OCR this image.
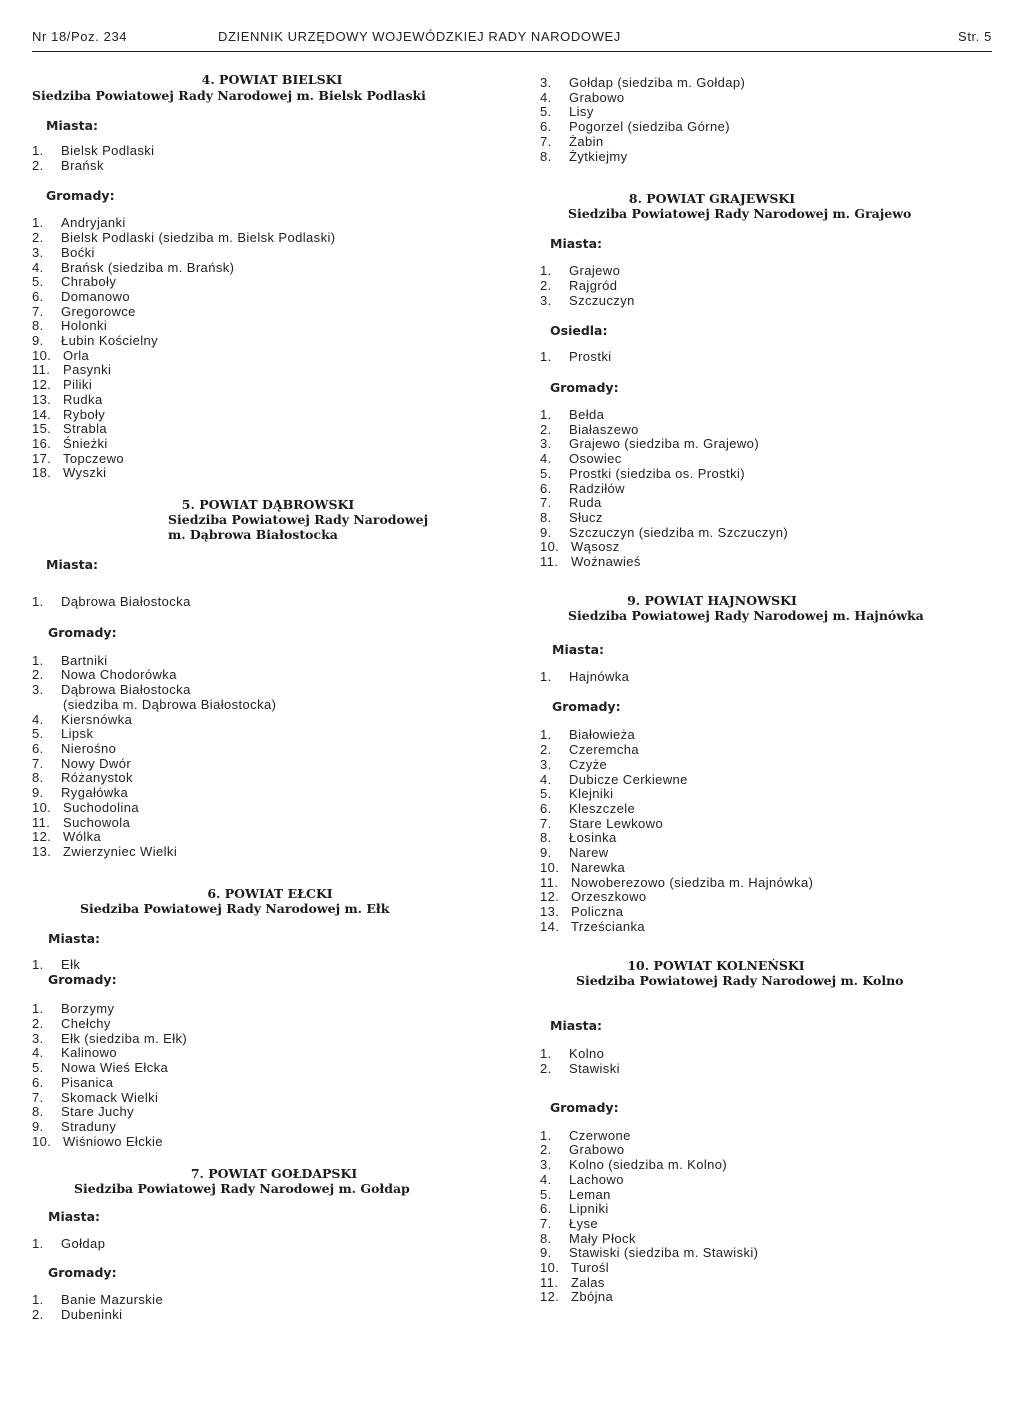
Nr 18/Poz. 234	DZIENNIK URZĘDOWY WOJEWÓDZKIEJ RADY NARODOWEJ	Str. 5
4. POWIAT BIELSKI
Siedziba Powiatowej Rady Narodowej m. Bielsk Podlaski
Miasta:
1. Bielsk Podlaski
2. Brańsk
Gromady:
1. Andryjanki
2. Bielsk Podlaski (siedziba m. Bielsk Podlaski)
3. Boćki
4. Brańsk (siedziba m. Brańsk)
5. Chraboły
6. Domanowo
7. Gregorowce
8. Holonki
9. Łubin Kościelny
10. Orla
11. Pasynki
12. Piliki
13. Rudka
14. Ryboły
15. Strabla
16. Śnieżki
17. Topczewo
18. Wyszki
5. POWIAT DĄBROWSKI
Siedziba Powiatowej Rady Narodowej
m. Dąbrowa Białostocka
Miasta:
1. Dąbrowa Białostocka
Gromady:
1. Bartniki
2. Nowa Chodorówka
3. Dąbrowa Białostocka
(siedziba m. Dąbrowa Białostocka)
4. Kiersnówka
5. Lipsk
6. Nierośno
7. Nowy Dwór
8. Różanystok
9. Rygałówka
10. Suchodolina
11. Suchowola
12. Wólka
13. Zwierzyniec Wielki
6. POWIAT EŁCKI
Siedziba Powiatowej Rady Narodowej m. Ełk
Miasta:
1. Ełk
Gromady:
1. Borzymy
2. Chełchy
3. Ełk (siedziba m. Ełk)
4. Kalinowo
5. Nowa Wieś Ełcka
6. Pisanica
7. Skomack Wielki
8. Stare Juchy
9. Straduny
10. Wiśniowo Ełckie
7. POWIAT GOŁDAPSKI
Siedziba Powiatowej Rady Narodowej m. Gołdap
Miasta:
1. Gołdap
Gromady:
1. Banie Mazurskie
2. Dubeninki
3. Gołdap (siedziba m. Gołdap)
4. Grabowo
5. Lisy
6. Pogorzel (siedziba Górne)
7. Żabin
8. Żytkiejmy
8. POWIAT GRAJEWSKI
Siedziba Powiatowej Rady Narodowej m. Grajewo
Miasta:
1. Grajewo
2. Rajgród
3. Szczuczyn
Osiedla:
1. Prostki
Gromady:
1. Bełda
2. Białaszewo
3. Grajewo (siedziba m. Grajewo)
4. Osowiec
5. Prostki (siedziba os. Prostki)
6. Radziłów
7. Ruda
8. Słucz
9. Szczuczyn (siedziba m. Szczuczyn)
10. Wąsosz
11. Woźnawieś
9. POWIAT HAJNOWSKI
Siedziba Powiatowej Rady Narodowej m. Hajnówka
Miasta:
1. Hajnówka
Gromady:
1. Białowieża
2. Czeremcha
3. Czyże
4. Dubicze Cerkiewne
5. Klejniki
6. Kleszczele
7. Stare Lewkowo
8. Łosinka
9. Narew
10. Narewka
11. Nowoberezowo (siedziba m. Hajnówka)
12. Orzeszkowo
13. Policzna
14. Trześcianka
10. POWIAT KOLNEŃSKI
Siedziba Powiatowej Rady Narodowej m. Kolno
Miasta:
1. Kolno
2. Stawiski
Gromady:
1. Czerwone
2. Grabowo
3. Kolno (siedziba m. Kolno)
4. Lachowo
5. Leman
6. Lipniki
7. Łyse
8. Mały Płock
9. Stawiski (siedziba m. Stawiski)
10. Turośl
11. Zalas
12. Zbójna
